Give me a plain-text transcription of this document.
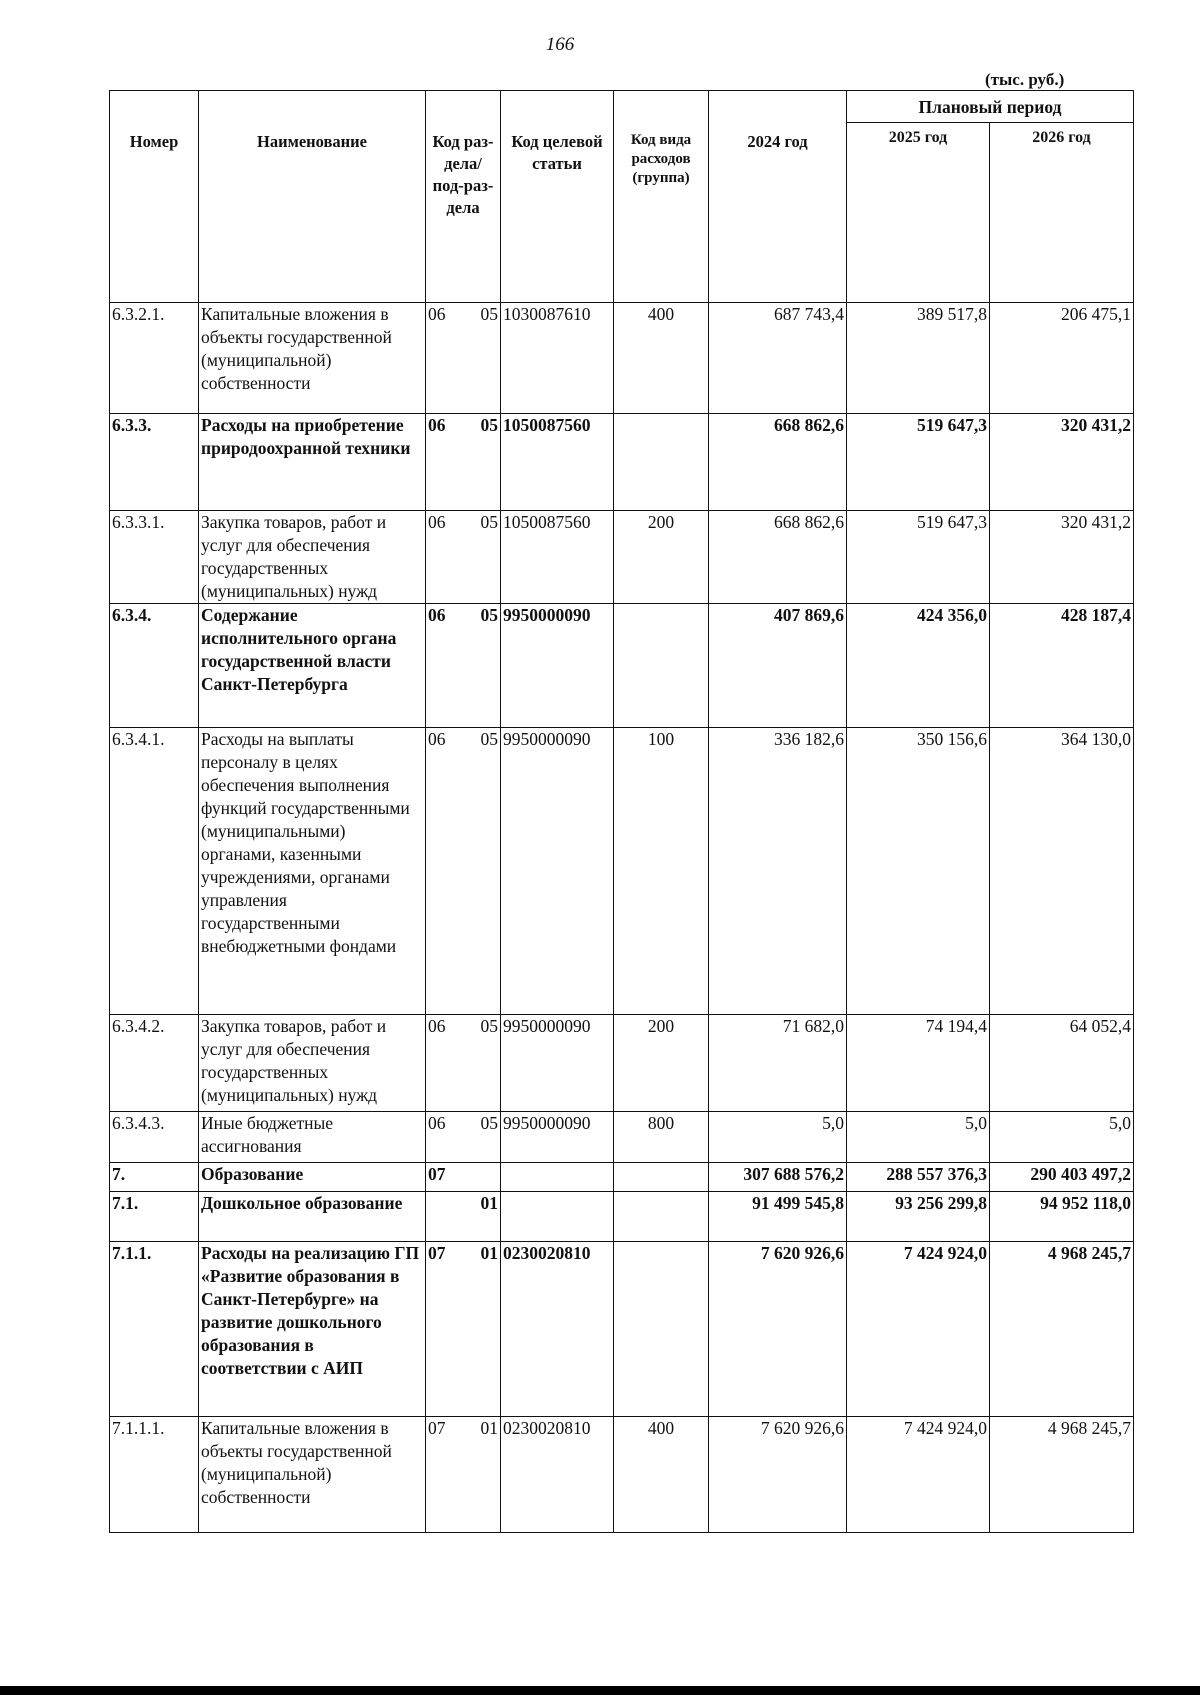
166
(тыс. руб.)
Номер	Наименование	Код раз-дела/ под-раз-дела	Код целевой статьи	Код вида расходов (группа)	2024 год	Плановый период	
						2025 год	2026 год
6.3.2.1.	Капитальные вложения в объекты государственной (муниципальной) собственности	06 05	1030087610	400	687 743,4	389 517,8	206 475,1
6.3.3.	Расходы на приобретение природоохранной техники	06 05	1050087560		668 862,6	519 647,3	320 431,2
6.3.3.1.	Закупка товаров, работ и услуг для обеспечения государственных (муниципальных) нужд	06 05	1050087560	200	668 862,6	519 647,3	320 431,2
6.3.4.	Содержание исполнительного органа государственной власти Санкт-Петербурга	06 05	9950000090		407 869,6	424 356,0	428 187,4
6.3.4.1.	Расходы на выплаты персоналу в целях обеспечения выполнения функций государственными (муниципальными) органами, казенными учреждениями, органами управления государственными внебюджетными фондами	06 05	9950000090	100	336 182,6	350 156,6	364 130,0
6.3.4.2.	Закупка товаров, работ и услуг для обеспечения государственных (муниципальных) нужд	06 05	9950000090	200	71 682,0	74 194,4	64 052,4
6.3.4.3.	Иные бюджетные ассигнования	06 05	9950000090	800	5,0	5,0	5,0
7.	Образование	07			307 688 576,2	288 557 376,3	290 403 497,2
7.1.	Дошкольное образование	01			91 499 545,8	93 256 299,8	94 952 118,0
7.1.1.	Расходы на реализацию ГП «Развитие образования в Санкт-Петербурге» на развитие дошкольного образования в соответствии с АИП	07 01	0230020810		7 620 926,6	7 424 924,0	4 968 245,7
7.1.1.1.	Капитальные вложения в объекты государственной (муниципальной) собственности	07 01	0230020810	400	7 620 926,6	7 424 924,0	4 968 245,7
